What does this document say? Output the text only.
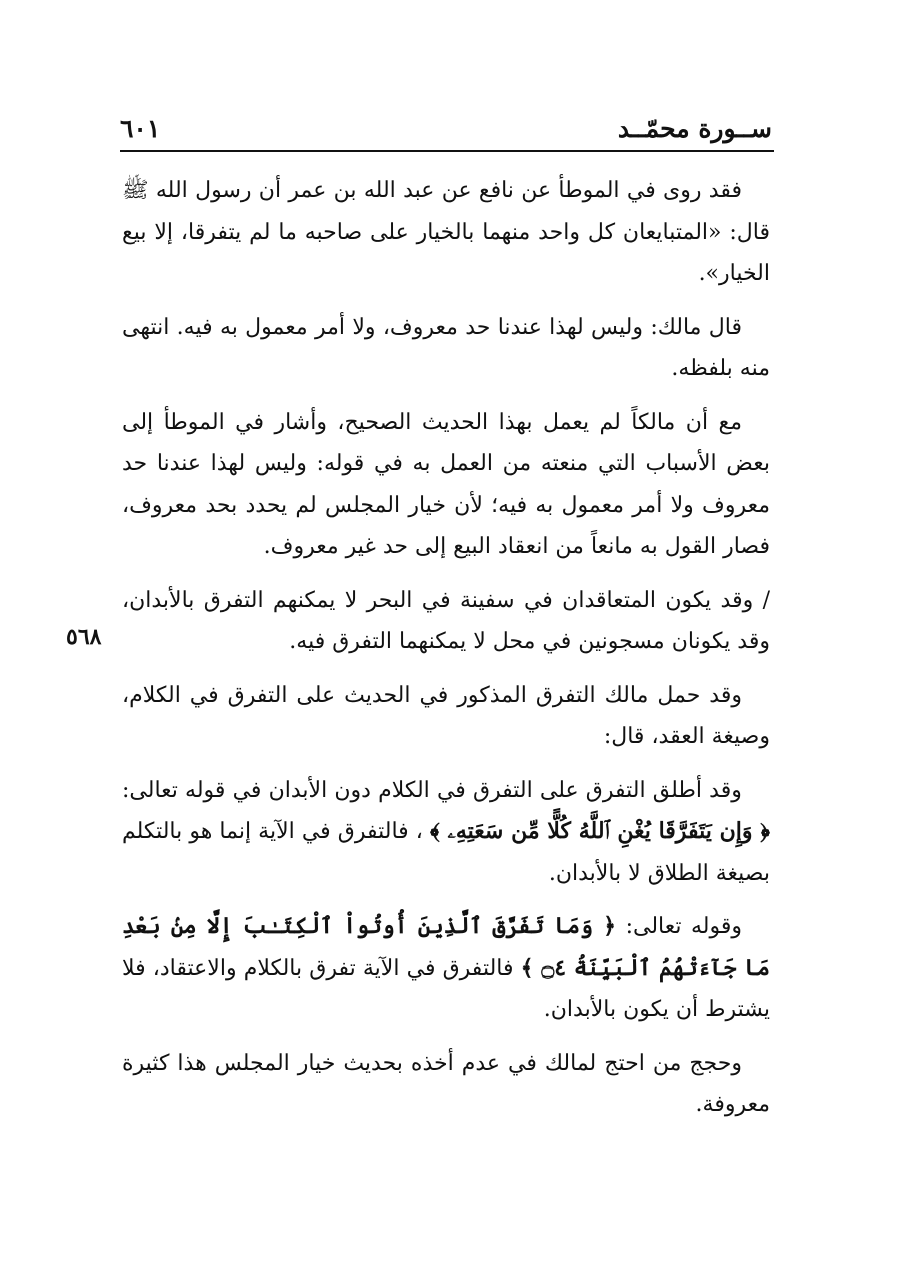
ســورة محمّــد
٦٠١
٥٦٨

فقد روى في الموطأ عن نافع عن عبد الله بن عمر أن رسول الله ﷺ قال: «المتبايعان كل واحد منهما بالخيار على صاحبه ما لم يتفرقا، إلا بيع الخيار».

قال مالك: وليس لهذا عندنا حد معروف، ولا أمر معمول به فيه. انتهى منه بلفظه.

مع أن مالكاً لم يعمل بهذا الحديث الصحيح، وأشار في الموطأ إلى بعض الأسباب التي منعته من العمل به في قوله: وليس لهذا عندنا حد معروف ولا أمر معمول به فيه؛ لأن خيار المجلس لم يحدد بحد معروف، فصار القول به مانعاً من انعقاد البيع إلى حد غير معروف.

/ وقد يكون المتعاقدان في سفينة في البحر لا يمكنهم التفرق بالأبدان، وقد يكونان مسجونين في محل لا يمكنهما التفرق فيه.

وقد حمل مالك التفرق المذكور في الحديث على التفرق في الكلام، وصيغة العقد، قال:

وقد أطلق التفرق على التفرق في الكلام دون الأبدان في قوله تعالى: ﴿ وَإِن يَتَفَرَّقَا يُغْنِ ٱللَّهُ كُلًّا مِّن سَعَتِهِۦ ﴾ ، فالتفرق في الآية إنما هو بالتكلم بصيغة الطلاق لا بالأبدان.

وقوله تعالى: ﴿ وَمَا تَفَرَّقَ ٱلَّذِينَ أُوتُواْ ٱلْكِتَـٰبَ إِلَّا مِنۢ بَعْدِ مَا جَآءَتْهُمُ ٱلْبَيِّنَةُ ۝٤ ﴾ فالتفرق في الآية تفرق بالكلام والاعتقاد، فلا يشترط أن يكون بالأبدان.

وحجج من احتج لمالك في عدم أخذه بحديث خيار المجلس هذا كثيرة معروفة.
